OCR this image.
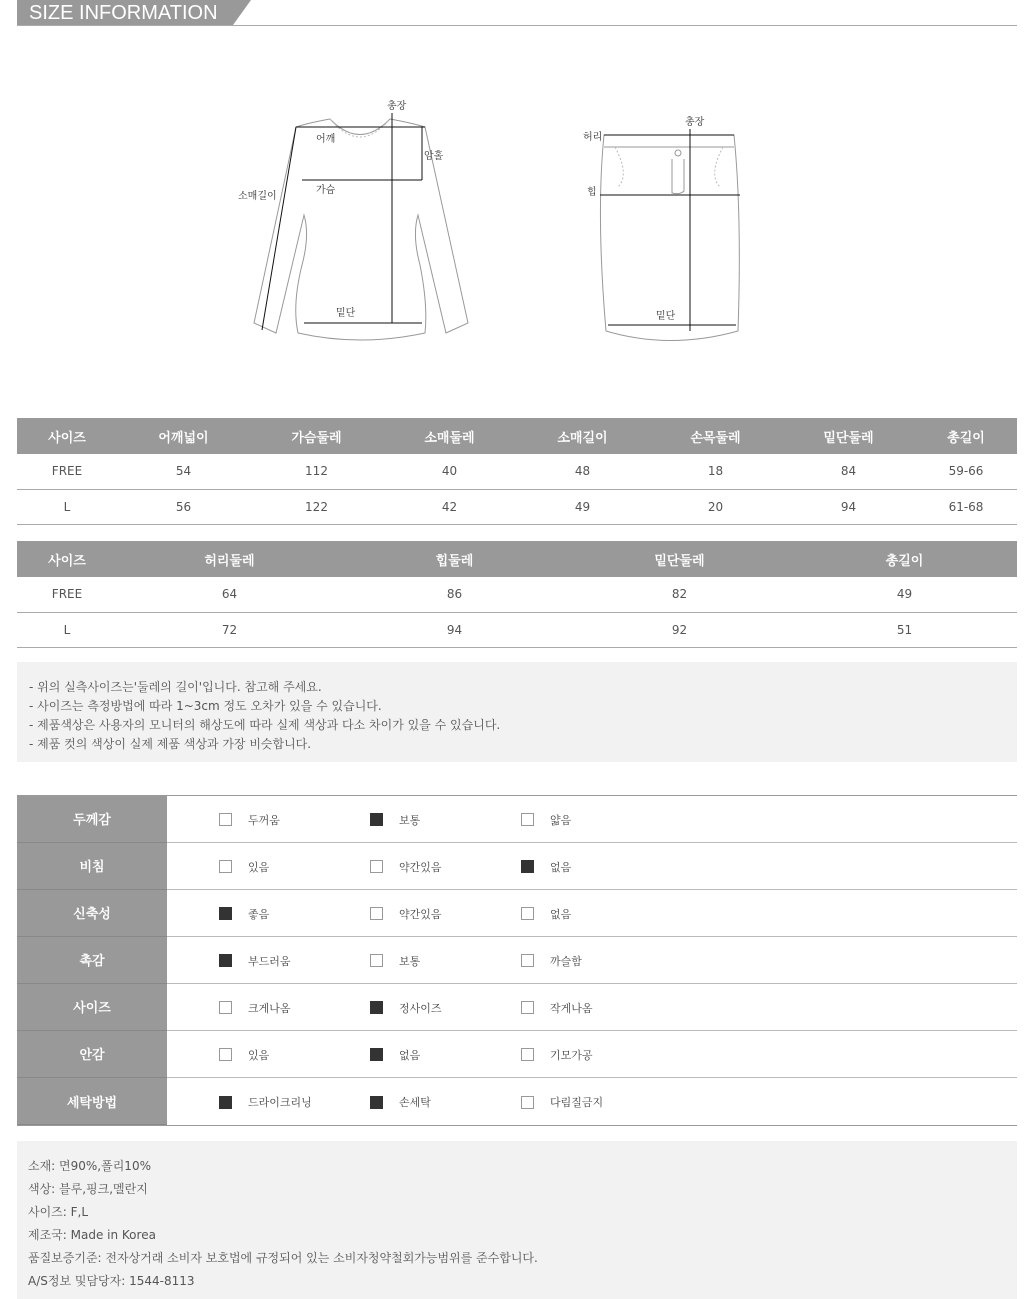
SIZE INFORMATION
총장
어깨
암홀
소매길이
가슴
밑단
허리
총장
힙
밑단
사이즈	어깨넓이	가슴둘레	소매둘레	소매길이	손목둘레	밑단둘레	총길이
FREE	54	112	40	48	18	84	59-66
L	56	122	42	49	20	94	61-68
사이즈	허리둘레	힙둘레	밑단둘레	총길이
FREE	64	86	82	49
L	72	94	92	51
- 위의 실측사이즈는'둘레의 길이'입니다. 참고해 주세요.
- 사이즈는 측정방법에 따라 1~3cm 정도 오차가 있을 수 있습니다.
- 제품색상은 사용자의 모니터의 해상도에 따라 실제 색상과 다소 차이가 있을 수 있습니다.
- 제품 컷의 색상이 실제 제품 색상과 가장 비슷합니다.
두께감	두꺼움	보통	얇음
비침	있음	약간있음	없음
신축성	좋음	약간있음	없음
촉감	부드러움	보통	까슬함
사이즈	크게나옴	정사이즈	작게나옴
안감	있음	없음	기모가공
세탁방법	드라이크리닝	손세탁	다림질금지
소재: 면90%,폴리10%
색상: 블루,핑크,멜란지
사이즈: F,L
제조국: Made in Korea
품질보증기준: 전자상거래 소비자 보호법에 규정되어 있는 소비자청약철회가능범위를 준수합니다.
A/S정보 및담당자: 1544-8113
